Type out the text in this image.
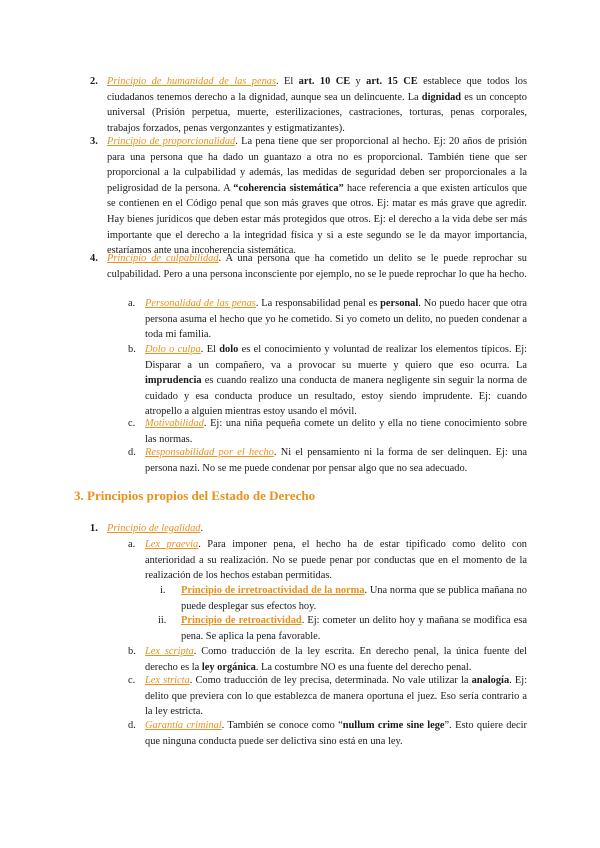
2. Principio de humanidad de las penas. El art. 10 CE y art. 15 CE establece que todos los ciudadanos tenemos derecho a la dignidad, aunque sea un delincuente. La dignidad es un concepto universal (Prisión perpetua, muerte, esterilizaciones, castraciones, torturas, penas corporales, trabajos forzados, penas vergonzantes y estigmatizantes).
3. Principio de proporcionalidad. La pena tiene que ser proporcional al hecho. Ej: 20 años de prisión para una persona que ha dado un guantazo a otra no es proporcional. También tiene que ser proporcional a la culpabilidad y además, las medidas de seguridad deben ser proporcionales a la peligrosidad de la persona. A “coherencia sistemática” hace referencia a que existen artículos que se contienen en el Código penal que son más graves que otros. Ej: matar es más grave que agredir. Hay bienes jurídicos que deben estar más protegidos que otros. Ej: el derecho a la vida debe ser más importante que el derecho a la integridad física y si a este segundo se le da mayor importancia, estaríamos ante una incoherencia sistemática.
4. Principio de culpabilidad. A una persona que ha cometido un delito se le puede reprochar su culpabilidad. Pero a una persona inconsciente por ejemplo, no se le puede reprochar lo que ha hecho.
a. Personalidad de las penas. La responsabilidad penal es personal. No puedo hacer que otra persona asuma el hecho que yo he cometido. Si yo cometo un delito, no pueden condenar a toda mi familia.
b. Dolo o culpa. El dolo es el conocimiento y voluntad de realizar los elementos típicos. Ej: Disparar a un compañero, va a provocar su muerte y quiero que eso ocurra. La imprudencia es cuando realizo una conducta de manera negligente sin seguir la norma de cuidado y esa conducta produce un resultado, estoy siendo imprudente. Ej: cuando atropello a alguien mientras estoy usando el móvil.
c. Motivabilidad. Ej: una niña pequeña comete un delito y ella no tiene conocimiento sobre las normas.
d. Responsabilidad por el hecho. Ni el pensamiento ni la forma de ser delinquen. Ej: una persona nazi. No se me puede condenar por pensar algo que no sea adecuado.
3. Principios propios del Estado de Derecho
1. Principio de legalidad.
a. Lex praevia. Para imponer pena, el hecho ha de estar tipificado como delito con anterioridad a su realización. No se puede penar por conductas que en el momento de la realización de los hechos estaban permitidas.
i. Principio de irretroactividad de la norma. Una norma que se publica mañana no puede desplegar sus efectos hoy.
ii. Principio de retroactividad. Ej: cometer un delito hoy y mañana se modifica esa pena. Se aplica la pena favorable.
b. Lex scripta. Como traducción de la ley escrita. En derecho penal, la única fuente del derecho es la ley orgánica. La costumbre NO es una fuente del derecho penal.
c. Lex stricta. Como traducción de ley precisa, determinada. No vale utilizar la analogía. Ej: delito que previera con lo que establezca de manera oportuna el juez. Eso sería contrario a la ley estricta.
d. Garantía criminal. También se conoce como “nullum crime sine lege”. Esto quiere decir que ninguna conducta puede ser delictiva sino está en una ley.
